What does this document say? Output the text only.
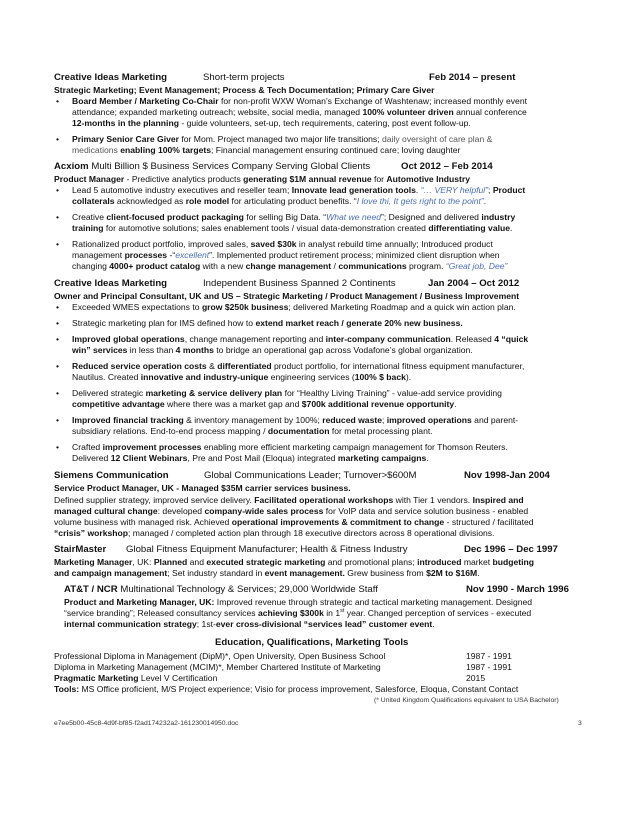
Creative Ideas Marketing	Short-term projects	Feb 2014 – present
Strategic Marketing; Event Management; Process & Tech Documentation; Primary Care Giver
• Board Member / Marketing Co-Chair for non-profit WXW Woman’s Exchange of Washtenaw; increased monthly event
attendance; expanded marketing outreach; website, social media, managed 100% volunteer driven annual conference
12-months in the planning - guide volunteers, set-up, tech requirements, catering, post event follow-up.
• Primary Senior Care Giver for Mom. Project managed two major life transitions; daily oversight of care plan &
medications enabling 100% targets; Financial management ensuring continued care; loving daughter
Acxiom Multi Billion $ Business Services Company Serving Global Clients	Oct 2012 – Feb 2014
Product Manager - Predictive analytics products generating $1M annual revenue for Automotive Industry
• Lead 5 automotive industry executives and reseller team; Innovate lead generation tools. “… VERY helpful”; Product
collaterals acknowledged as role model for articulating product benefits. “I love thi, It gets right to the point”.
• Creative client-focused product packaging for selling Big Data. “What we need”; Designed and delivered industry
training for automotive solutions; sales enablement tools / visual data-demonstration created differentiating value.
• Rationalized product portfolio, improved sales, saved $30k in analyst rebuild time annually; Introduced product
management processes -“excellent”. Implemented product retirement process; minimized client disruption when
changing 4000+ product catalog with a new change management / communications program. “Great job, Dee”
Creative Ideas Marketing	Independent Business Spanned 2 Continents	Jan 2004 – Oct 2012
Owner and Principal Consultant, UK and US – Strategic Marketing / Product Management / Business Improvement
• Exceeded WMES expectations to grow $250k business; delivered Marketing Roadmap and a quick win action plan.
• Strategic marketing plan for IMS defined how to extend market reach / generate 20% new business.
• Improved global operations, change management reporting and inter-company communication. Released 4 “quick
win” services in less than 4 months to bridge an operational gap across Vodafone’s global organization.
• Reduced service operation costs & differentiated product portfolio, for international fitness equipment manufacturer,
Nautilus. Created innovative and industry-unique engineering services (100% $ back).
• Delivered strategic marketing & service delivery plan for “Healthy Living Training” - value-add service providing
competitive advantage where there was a market gap and $700k additional revenue opportunity.
• Improved financial tracking & inventory management by 100%; reduced waste; improved operations and parent-
subsidiary relations. End-to-end process mapping / documentation for metal processing plant.
• Crafted improvement processes enabling more efficient marketing campaign management for Thomson Reuters.
Delivered 12 Client Webinars, Pre and Post Mail (Eloqua) integrated marketing campaigns.
Siemens Communication	Global Communications Leader; Turnover>$600M	Nov 1998-Jan 2004
Service Product Manager, UK - Managed $35M carrier services business.
Defined supplier strategy, improved service delivery. Facilitated operational workshops with Tier 1 vendors. Inspired and
managed cultural change: developed company-wide sales process for VoIP data and service solution business - enabled
volume business with managed risk. Achieved operational improvements & commitment to change - structured / facilitated
“crisis” workshop; managed / completed action plan through 18 executive directors across 8 operational divisions.
StairMaster Global Fitness Equipment Manufacturer; Health & Fitness Industry	Dec 1996 – Dec 1997
Marketing Manager, UK: Planned and executed strategic marketing and promotional plans; introduced market budgeting
and campaign management; Set industry standard in event management. Grew business from $2M to $16M.
AT&T / NCR Multinational Technology & Services; 29,000 Worldwide Staff	Nov 1990 - March 1996
Product and Marketing Manager, UK: Improved revenue through strategic and tactical marketing management. Designed
“service branding”; Released consultancy services achieving $300k in 1st year. Changed perception of services - executed
internal communication strategy; 1st-ever cross-divisional “services lead” customer event.
Education, Qualifications, Marketing Tools
Professional Diploma in Management (DipM)*, Open University, Open Business School	1987 - 1991
Diploma in Marketing Management (MCIM)*, Member Chartered Institute of Marketing	1987 - 1991
Pragmatic Marketing Level V Certification	2015
Tools: MS Office proficient, M/S Project experience; Visio for process improvement, Salesforce, Eloqua, Constant Contact
(* United Kingdom Qualifications equivalent to USA Bachelor)
e7ee5b00-45c8-4d9f-bf85-f2ad174232a2-161230014950.doc	3
